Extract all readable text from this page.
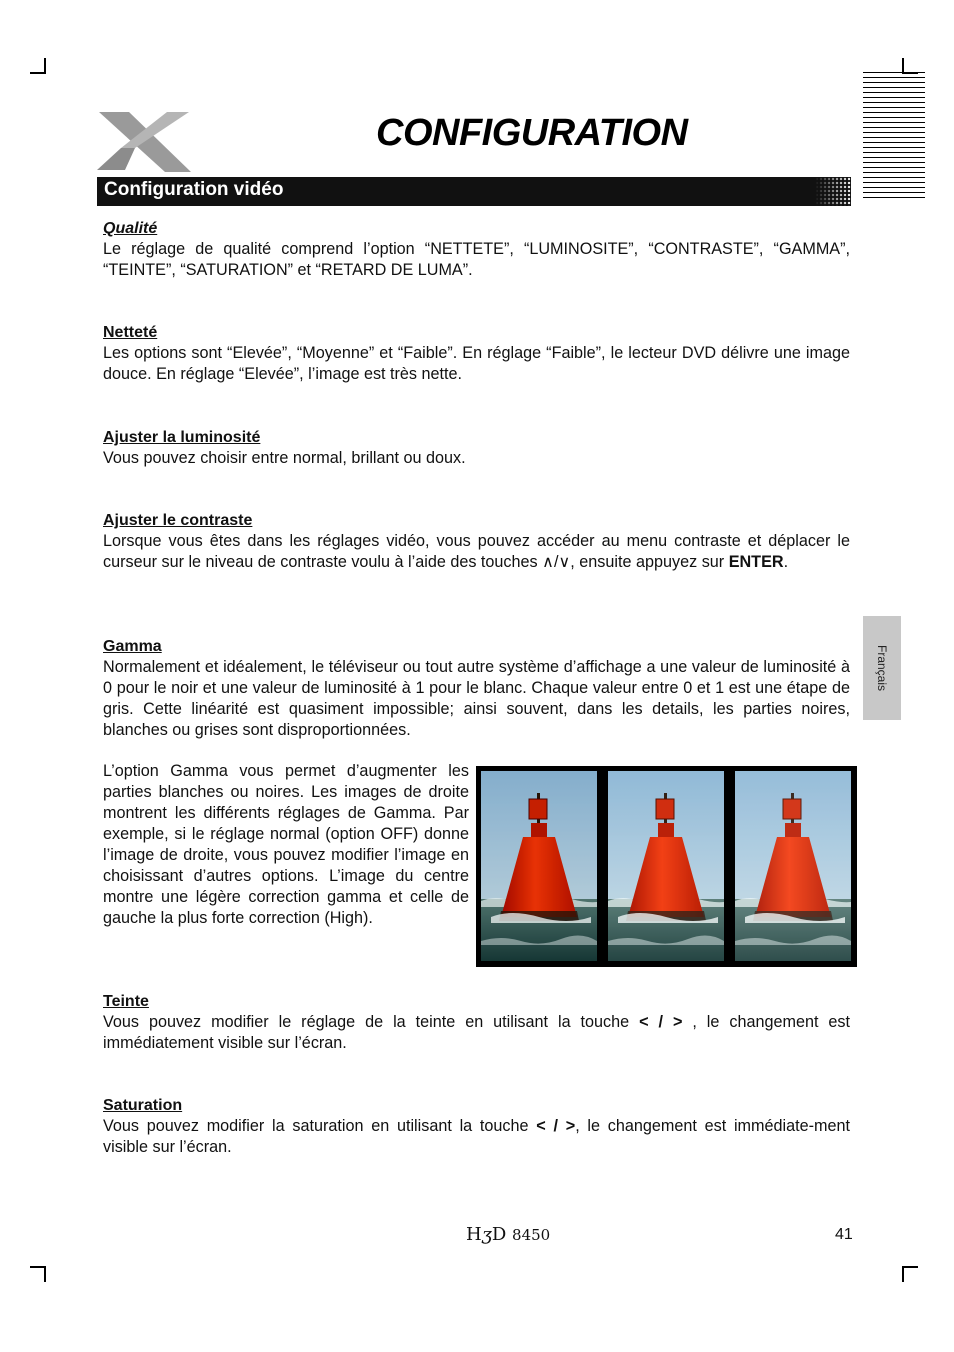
CONFIGURATION
Configuration vidéo
Français
Qualité
Le réglage de qualité comprend l’option “NETTETE”, “LUMINOSITE”, “CONTRASTE”, “GAMMA”, “TEINTE”, “SATURATION” et “RETARD DE LUMA”.
Netteté
Les options sont “Elevée”, “Moyenne” et “Faible”. En réglage “Faible”, le lecteur DVD délivre une image douce. En réglage “Elevée”, l’image est très nette.
Ajuster la luminosité
Vous pouvez choisir entre normal, brillant ou doux.
Ajuster le contraste
Lorsque vous êtes dans les réglages vidéo, vous pouvez accéder au menu contraste et déplacer le curseur sur le niveau de contraste voulu à l’aide des touches ∧/∨, ensuite appuyez sur ENTER.
Gamma
Normalement et idéalement, le téléviseur ou tout autre système d’affichage a une valeur de luminosité à 0 pour le noir et une valeur de luminosité à 1 pour le blanc. Chaque valeur entre 0 et 1 est une étape de gris. Cette linéarité est quasiment impossible; ainsi souvent, dans les details, les parties noires, blanches ou grises sont disproportionnées.
L’option Gamma vous permet d’augmenter les parties blanches ou noires. Les images de droite montrent les différents réglages de Gamma. Par exemple, si le réglage normal (option OFF) donne l’image de droite, vous pouvez modifier l’image en choisissant d’autres options. L’image du centre montre une légère correction gamma et celle de gauche la plus forte correction (High).
Teinte
Vous pouvez modifier le réglage de la teinte en utilisant la touche < / > , le changement est immédiatement visible sur l’écran.
Saturation
Vous pouvez modifier la saturation en utilisant la touche < / >, le changement est immédiate-ment visible sur l’écran.
HʒD 8450	41
